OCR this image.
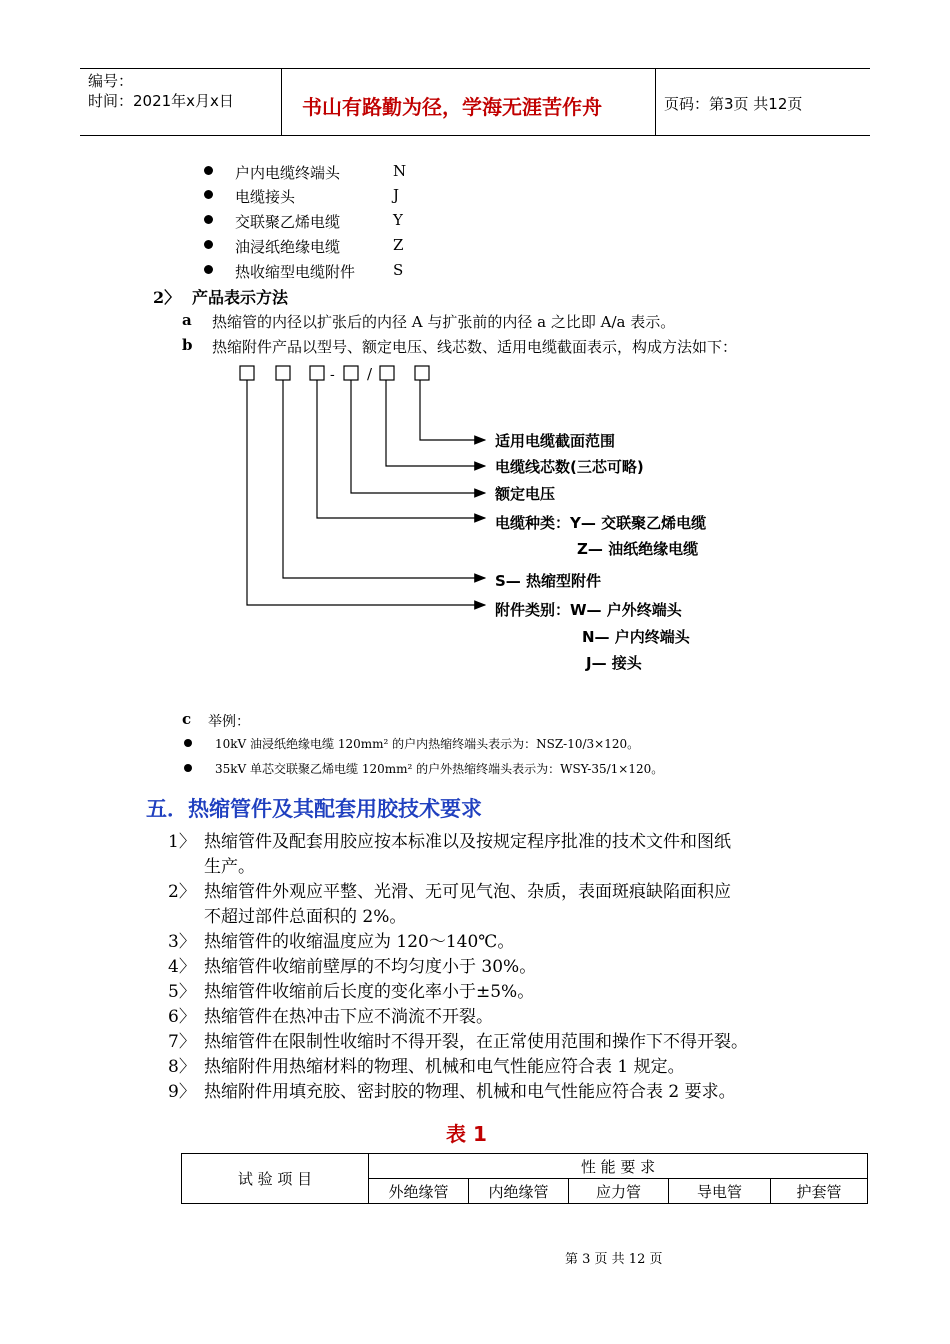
编号：
时间：2021年x月x日	书山有路勤为径，学海无涯苦作舟	页码：第3页 共12页
户内电缆终端头	N
电缆接头	J
交联聚乙烯电缆	Y
油浸纸绝缘电缆	Z
热收缩型电缆附件	S
2〉 产品表示方法
a 热缩管的内径以扩张后的内径 A 与扩张前的内径 a 之比即 A/a 表示。
b 热缩附件产品以型号、额定电压、线芯数、适用电缆截面表示，构成方法如下：
- /
适用电缆截面范围
电缆线芯数(三芯可略)
额定电压
电缆种类：Y— 交联聚乙烯电缆
Z— 油纸绝缘电缆
S— 热缩型附件
附件类别：W— 户外终端头
N— 户内终端头
J— 接头
c 举例：
10kV 油浸纸绝缘电缆 120mm² 的户内热缩终端头表示为：NSZ-10/3×120。
35kV 单芯交联聚乙烯电缆 120mm² 的户外热缩终端头表示为：WSY-35/1×120。
五．热缩管件及其配套用胶技术要求
1〉 热缩管件及配套用胶应按本标准以及按规定程序批准的技术文件和图纸
生产。
2〉 热缩管件外观应平整、光滑、无可见气泡、杂质，表面斑痕缺陷面积应
不超过部件总面积的 2%。
3〉 热缩管件的收缩温度应为 120～140℃。
4〉 热缩管件收缩前壁厚的不均匀度小于 30%。
5〉 热缩管件收缩前后长度的变化率小于±5%。
6〉 热缩管件在热冲击下应不淌流不开裂。
7〉 热缩管件在限制性收缩时不得开裂，在正常使用范围和操作下不得开裂。
8〉 热缩附件用热缩材料的物理、机械和电气性能应符合表 1 规定。
9〉 热缩附件用填充胶、密封胶的物理、机械和电气性能应符合表 2 要求。
表 1
试 验 项 目	性 能 要 求				
	外绝缘管	内绝缘管	应力管	导电管	护套管
第 3 页 共 12 页
